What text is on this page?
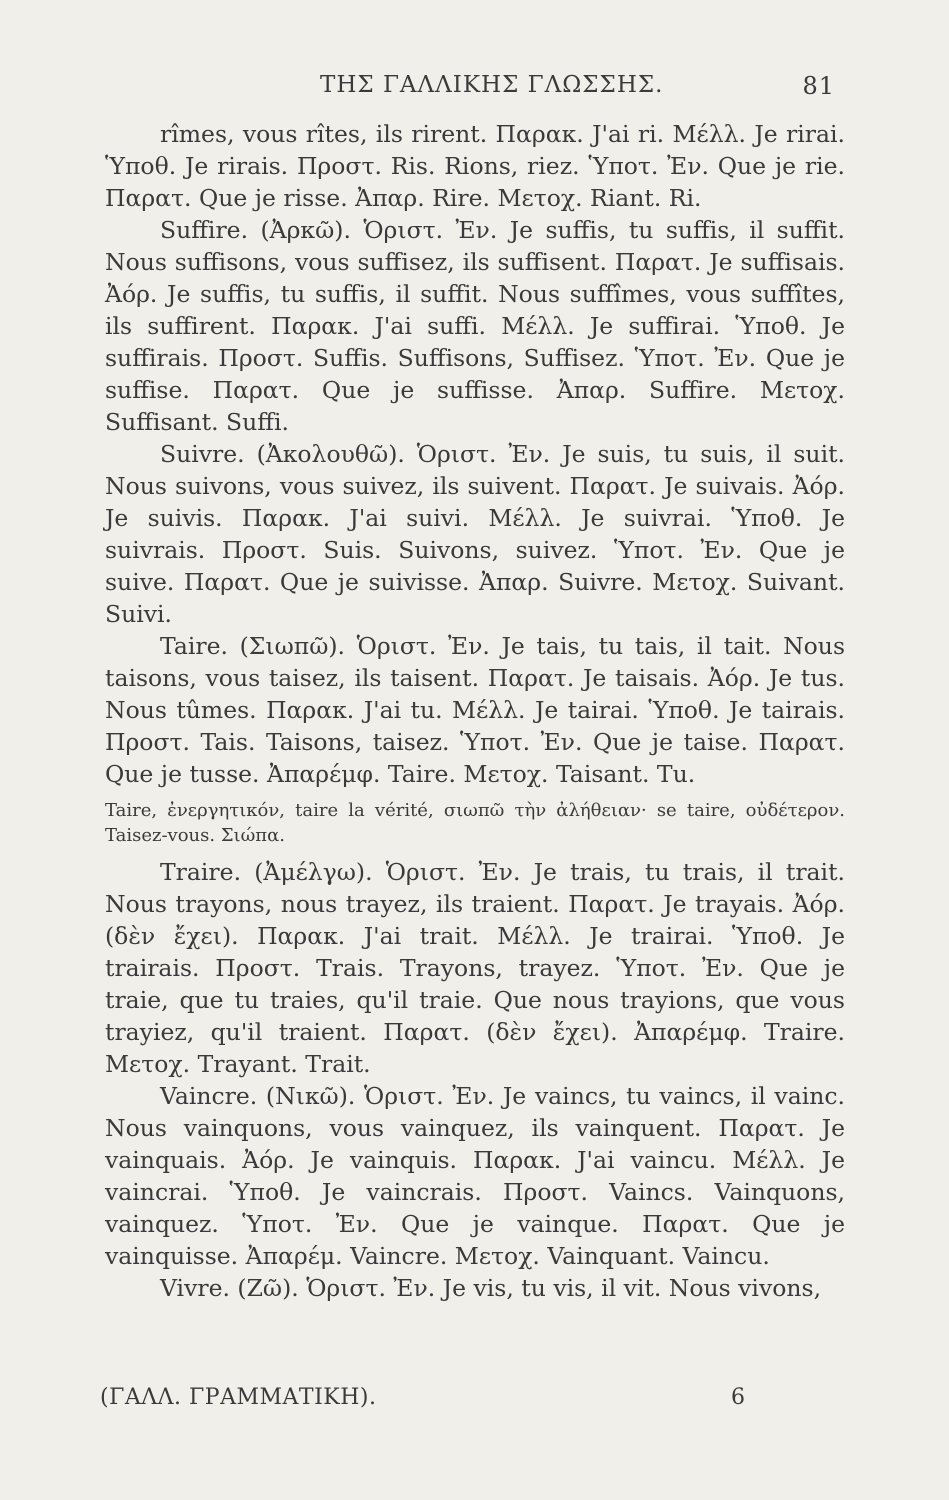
ΤΗΣ ΓΑΛΛΙΚΗΣ ΓΛΩΣΣΗΣ.	81

rîmes, vous rîtes, ils rirent. Παρακ. J'ai ri. Μέλλ. Je rirai. Ὑποθ. Je rirais. Προστ. Ris. Rions, riez. Ὑποτ. Ἐν. Que je rie. Παρατ. Que je risse. Ἀπαρ. Rire. Μετοχ. Riant. Ri.

Suffire. (Ἀρκῶ). Ὁριστ. Ἐν. Je suffis, tu suffis, il suffit. Nous suffisons, vous suffisez, ils suffisent. Παρατ. Je suffisais. Ἀόρ. Je suffis, tu suffis, il suffit. Nous suffîmes, vous suffîtes, ils suffirent. Παρακ. J'ai suffi. Μέλλ. Je suffirai. Ὑποθ. Je suffirais. Προστ. Suffis. Suffisons, Suffisez. Ὑποτ. Ἐν. Que je suffise. Παρατ. Que je suffisse. Ἀπαρ. Suffire. Μετοχ. Suffisant. Suffi.

Suivre. (Ἀκολουθῶ). Ὁριστ. Ἐν. Je suis, tu suis, il suit. Nous suivons, vous suivez, ils suivent. Παρατ. Je suivais. Ἀόρ. Je suivis. Παρακ. J'ai suivi. Μέλλ. Je suivrai. Ὑποθ. Je suivrais. Προστ. Suis. Suivons, suivez. Ὑποτ. Ἐν. Que je suive. Παρατ. Que je suivisse. Ἀπαρ. Suivre. Μετοχ. Suivant. Suivi.

Taire. (Σιωπῶ). Ὁριστ. Ἐν. Je tais, tu tais, il tait. Nous taisons, vous taisez, ils taisent. Παρατ. Je taisais. Ἀόρ. Je tus. Nous tûmes. Παρακ. J'ai tu. Μέλλ. Je tairai. Ὑποθ. Je tairais. Προστ. Tais. Taisons, taisez. Ὑποτ. Ἐν. Que je taise. Παρατ. Que je tusse. Ἀπαρέμφ. Taire. Μετοχ. Taisant. Tu.

Taire, ἐνεργητικόν, taire la vérité, σιωπῶ τὴν ἀλήθειαν· se taire, οὐδέτερον. Taisez-vous. Σιώπα.

Traire. (Ἀμέλγω). Ὁριστ. Ἐν. Je trais, tu trais, il trait. Nous trayons, nous trayez, ils traient. Παρατ. Je trayais. Ἀόρ. (δὲν ἔχει). Παρακ. J'ai trait. Μέλλ. Je trairai. Ὑποθ. Je trairais. Προστ. Trais. Trayons, trayez. Ὑποτ. Ἐν. Que je traie, que tu traies, qu'il traie. Que nous trayions, que vous trayiez, qu'il traient. Παρατ. (δὲν ἔχει). Ἀπαρέμφ. Traire. Μετοχ. Trayant. Trait.

Vaincre. (Νικῶ). Ὁριστ. Ἐν. Je vaincs, tu vaincs, il vainc. Nous vainquons, vous vainquez, ils vainquent. Παρατ. Je vainquais. Ἀόρ. Je vainquis. Παρακ. J'ai vaincu. Μέλλ. Je vaincrai. Ὑποθ. Je vaincrais. Προστ. Vaincs. Vainquons, vainquez. Ὑποτ. Ἐν. Que je vainque. Παρατ. Que je vainquisse. Ἀπαρέμ. Vaincre. Μετοχ. Vainquant. Vaincu.

Vivre. (Ζῶ). Ὁριστ. Ἐν. Je vis, tu vis, il vit. Nous vivons,

(ΓΑΛΛ. ΓΡΑΜΜΑΤΙΚΗ).	6
